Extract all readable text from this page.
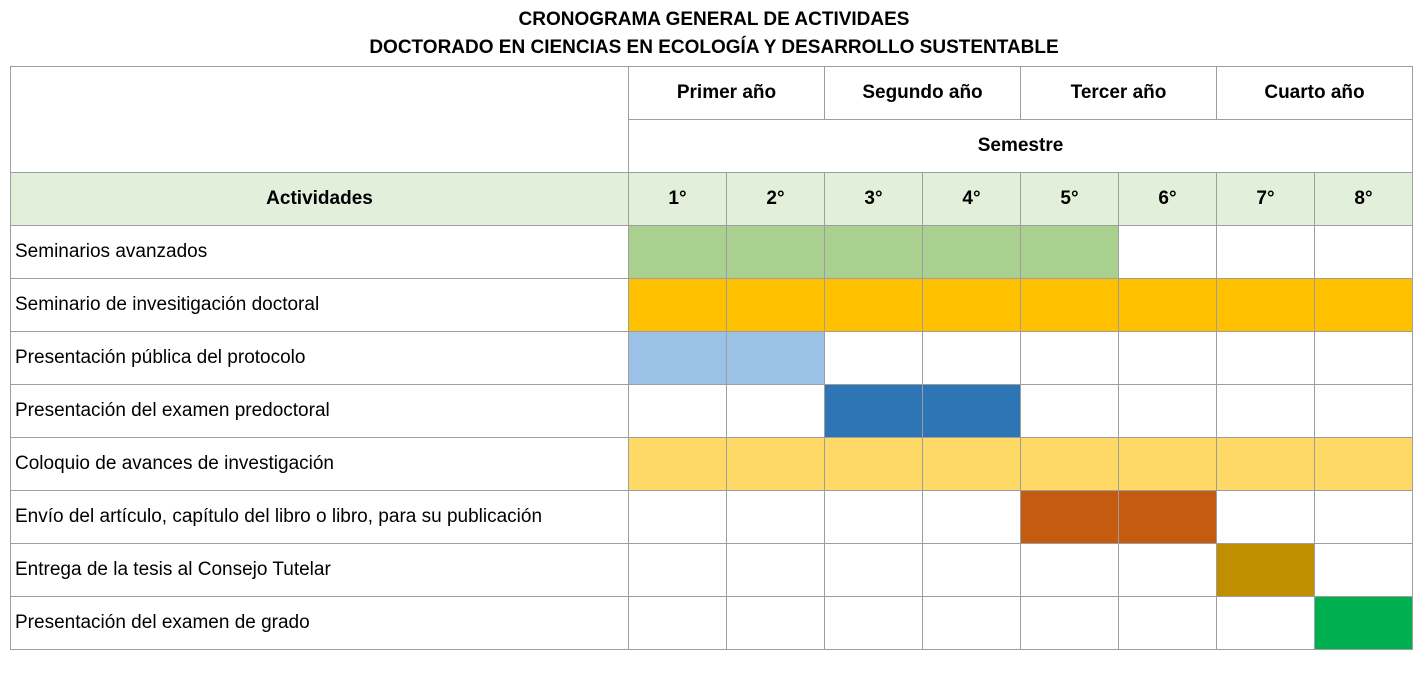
CRONOGRAMA GENERAL DE ACTIVIDAES
DOCTORADO EN CIENCIAS EN ECOLOGÍA Y DESARROLLO SUSTENTABLE
	Primer año		Segundo año		Tercer año		Cuarto año	
	Semestre							
Actividades	1°	2°	3°	4°	5°	6°	7°	8°
Seminarios avanzados								
Seminario de invesitigación doctoral								
Presentación pública del protocolo								
Presentación del examen predoctoral								
Coloquio de avances de investigación								
Envío del artículo, capítulo del libro o libro, para su publicación								
Entrega de la tesis al Consejo Tutelar								
Presentación del examen de grado								
